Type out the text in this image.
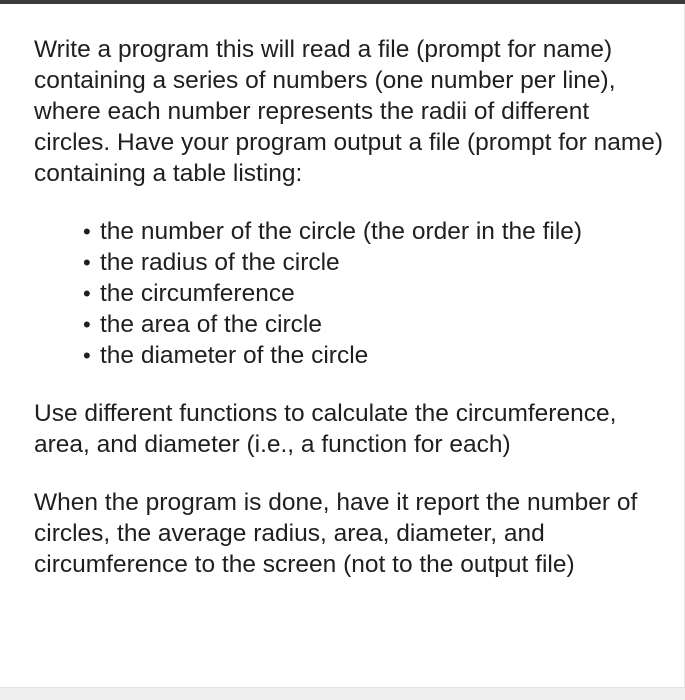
Write a program this will read a file (prompt for name) containing a series of numbers (one number per line), where each number represents the radii of different circles. Have your program output a file (prompt for name) containing a table listing:

• the number of the circle (the order in the file)
• the radius of the circle
• the circumference
• the area of the circle
• the diameter of the circle

Use different functions to calculate the circumference, area, and diameter (i.e., a function for each)

When the program is done, have it report the number of circles, the average radius, area, diameter, and circumference to the screen (not to the output file)
